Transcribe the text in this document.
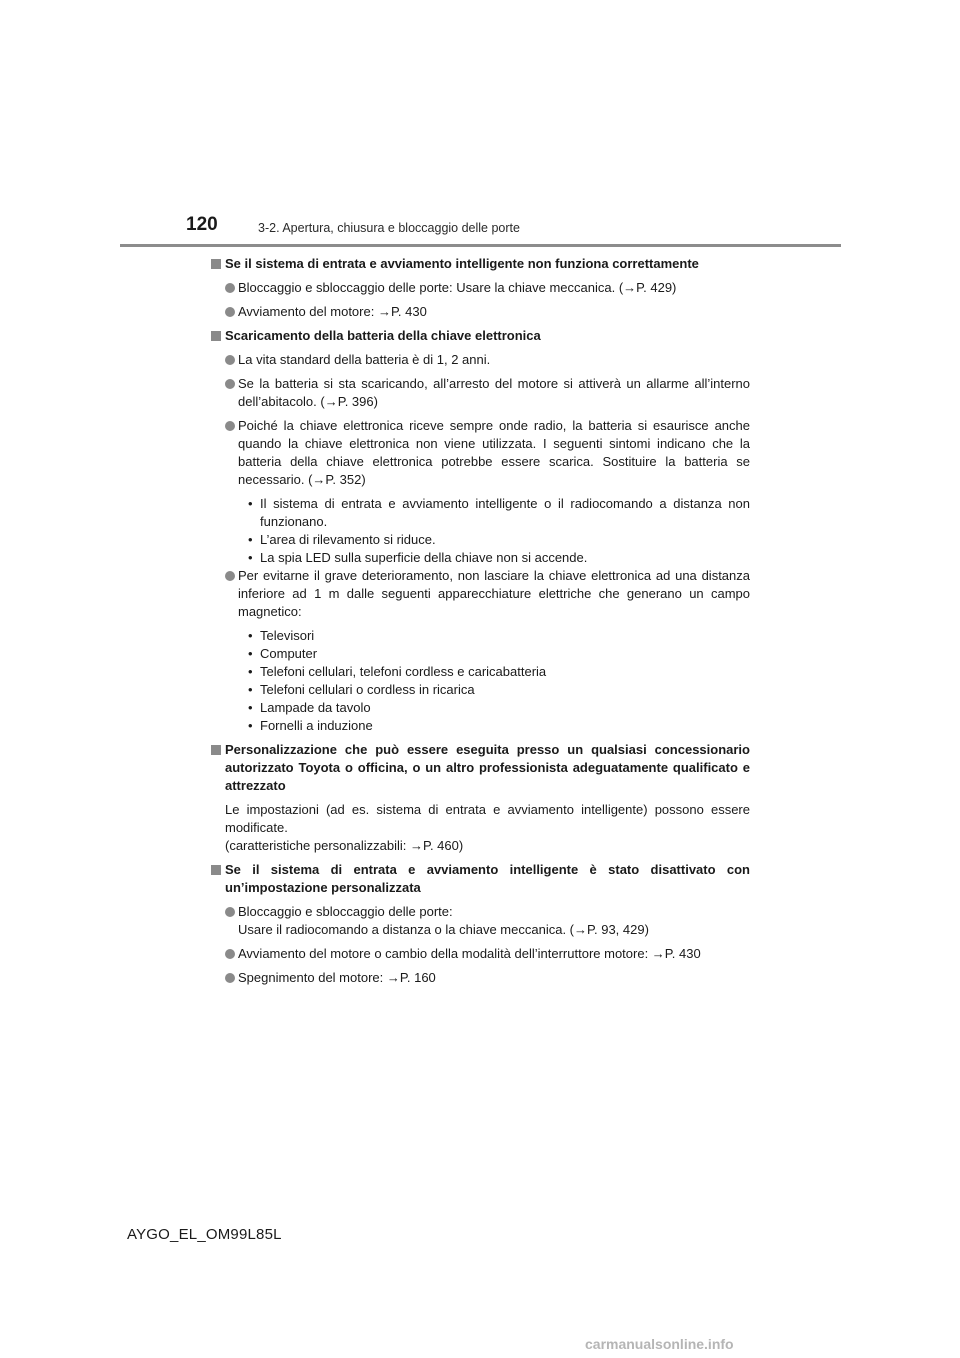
120	3-2. Apertura, chiusura e bloccaggio delle porte
Se il sistema di entrata e avviamento intelligente non funziona correttamente
Bloccaggio e sbloccaggio delle porte: Usare la chiave meccanica. (→P. 429)
Avviamento del motore: →P. 430
Scaricamento della batteria della chiave elettronica
La vita standard della batteria è di 1, 2 anni.
Se la batteria si sta scaricando, all’arresto del motore si attiverà un allarme all’interno dell’abitacolo. (→P. 396)
Poiché la chiave elettronica riceve sempre onde radio, la batteria si esaurisce anche quando la chiave elettronica non viene utilizzata. I seguenti sintomi indicano che la batteria della chiave elettronica potrebbe essere scarica. Sostituire la batteria se necessario. (→P. 352)
• Il sistema di entrata e avviamento intelligente o il radiocomando a distanza non funzionano.
• L’area di rilevamento si riduce.
• La spia LED sulla superficie della chiave non si accende.
Per evitarne il grave deterioramento, non lasciare la chiave elettronica ad una distanza inferiore ad 1 m dalle seguenti apparecchiature elettriche che generano un campo magnetico:
• Televisori
• Computer
• Telefoni cellulari, telefoni cordless e caricabatteria
• Telefoni cellulari o cordless in ricarica
• Lampade da tavolo
• Fornelli a induzione
Personalizzazione che può essere eseguita presso un qualsiasi concessionario autorizzato Toyota o officina, o un altro professionista adeguatamente qualificato e attrezzato
Le impostazioni (ad es. sistema di entrata e avviamento intelligente) possono essere modificate.
(caratteristiche personalizzabili: →P. 460)
Se il sistema di entrata e avviamento intelligente è stato disattivato con un’impostazione personalizzata
Bloccaggio e sbloccaggio delle porte:
Usare il radiocomando a distanza o la chiave meccanica. (→P. 93, 429)
Avviamento del motore o cambio della modalità dell’interruttore motore: →P. 430
Spegnimento del motore: →P. 160
AYGO_EL_OM99L85L
carmanualsonline.info
